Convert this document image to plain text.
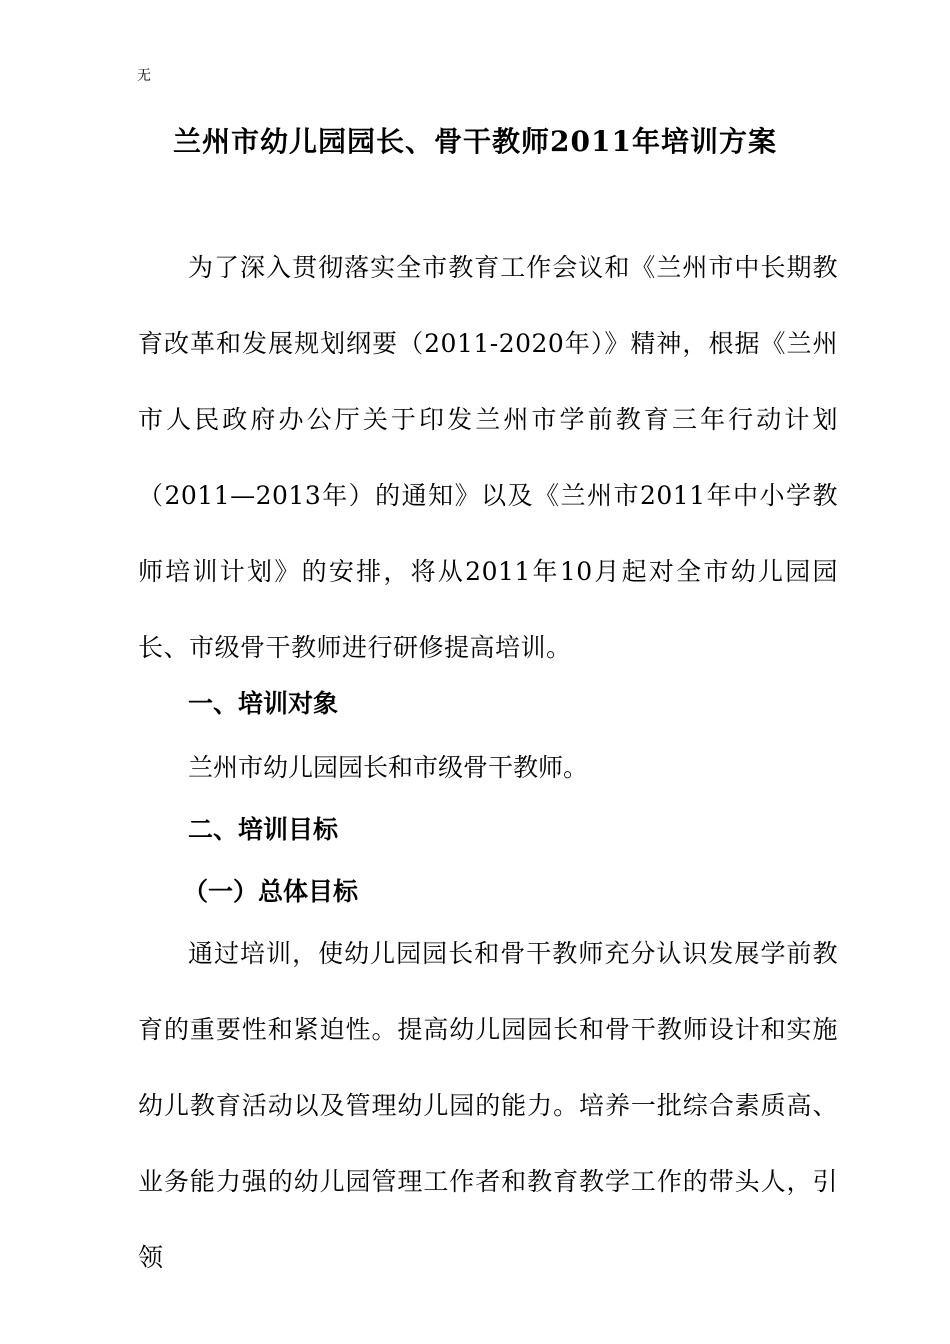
无
兰州市幼儿园园长、骨干教师2011年培训方案
为了深入贯彻落实全市教育工作会议和《兰州市中长期教育改革和发展规划纲要（2011-2020年）》精神，根据《兰州市人民政府办公厅关于印发兰州市学前教育三年行动计划（2011—2013年）的通知》以及《兰州市2011年中小学教师培训计划》的安排，将从2011年10月起对全市幼儿园园长、市级骨干教师进行研修提高培训。
一、培训对象
兰州市幼儿园园长和市级骨干教师。
二、培训目标
（一）总体目标
通过培训，使幼儿园园长和骨干教师充分认识发展学前教育的重要性和紧迫性。提高幼儿园园长和骨干教师设计和实施幼儿教育活动以及管理幼儿园的能力。培养一批综合素质高、业务能力强的幼儿园管理工作者和教育教学工作的带头人，引领
